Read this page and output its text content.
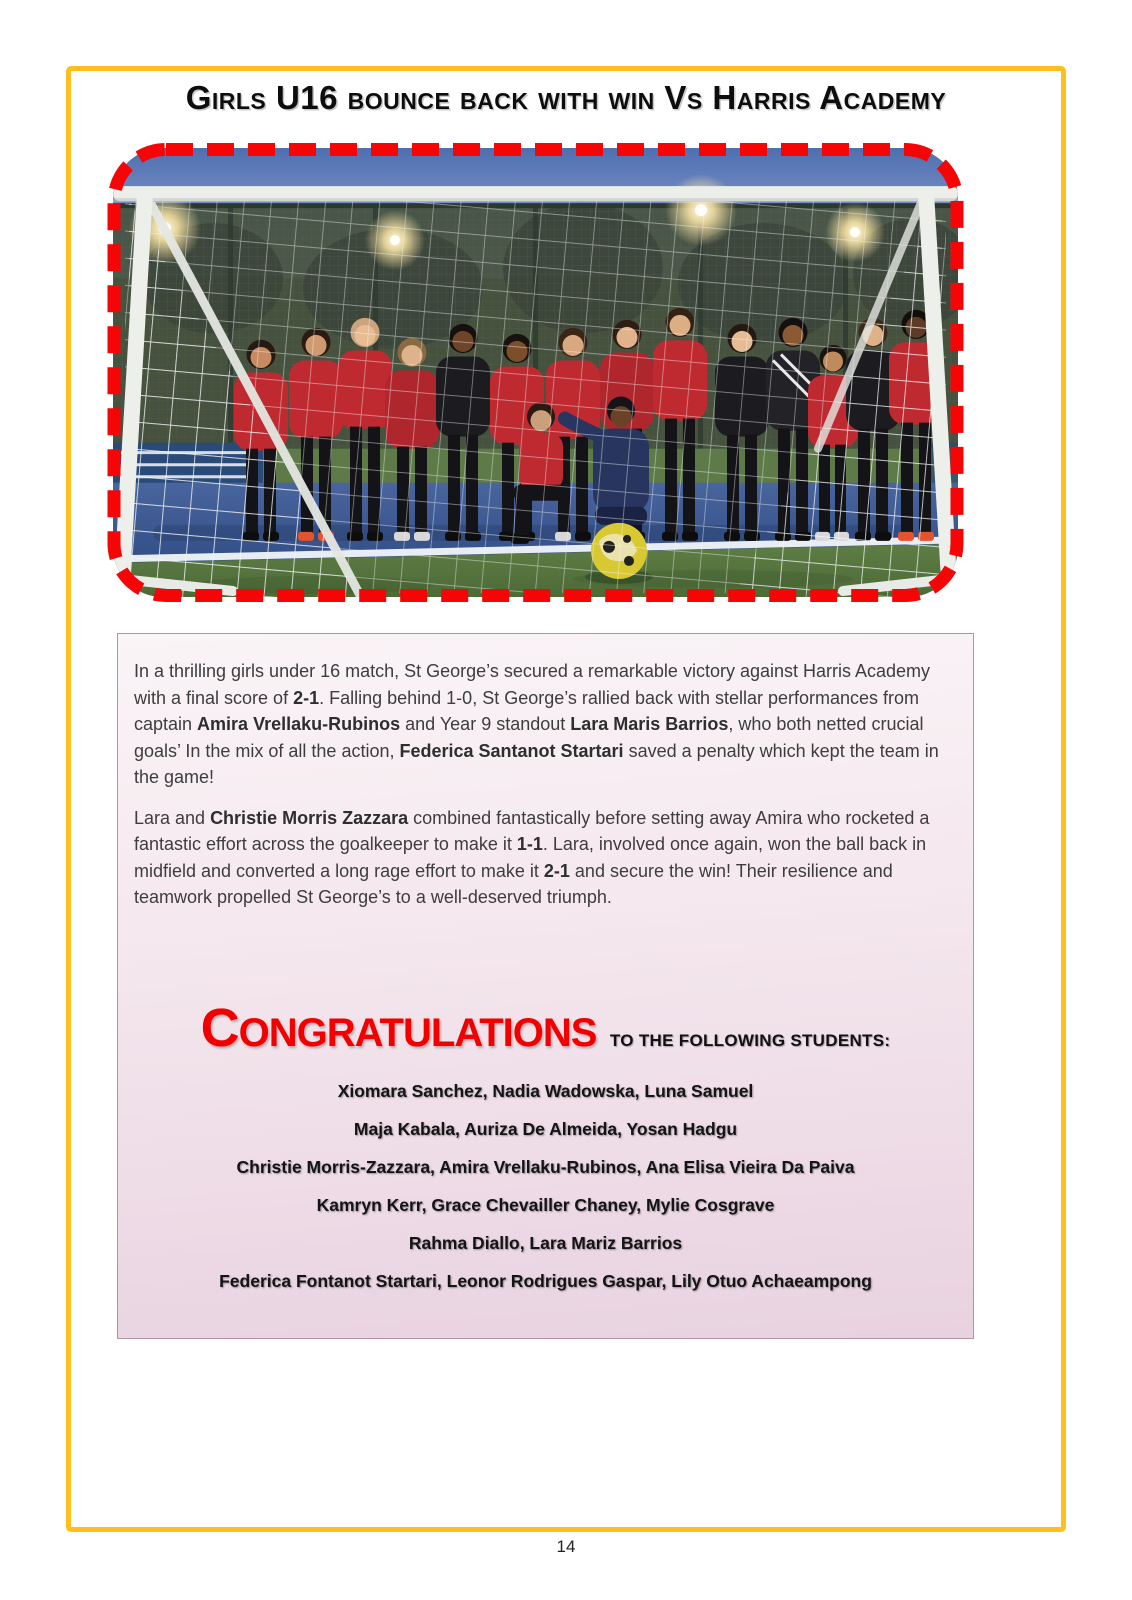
Girls U16 bounce back with win Vs Harris Academy

In a thrilling girls under 16 match, St George’s secured a remarkable victory against Harris Academy with a final score of 2-1. Falling behind 1-0, St George’s rallied back with stellar performances from captain Amira Vrellaku-Rubinos and Year 9 standout Lara Maris Barrios, who both netted crucial goals’ In the mix of all the action, Federica Santanot Startari saved a penalty which kept the team in the game!

Lara and Christie Morris Zazzara combined fantastically before setting away Amira who rocketed a fantastic effort across the goalkeeper to make it 1-1. Lara, involved once again, won the ball back in midfield and converted a long rage effort to make it 2-1 and secure the win! Their resilience and teamwork propelled St George’s to a well-deserved triumph.

CONGRATULATIONS TO THE FOLLOWING STUDENTS:
Xiomara Sanchez, Nadia Wadowska, Luna Samuel
Maja Kabala, Auriza De Almeida, Yosan Hadgu
Christie Morris-Zazzara, Amira Vrellaku-Rubinos, Ana Elisa Vieira Da Paiva
Kamryn Kerr, Grace Chevailler Chaney, Mylie Cosgrave
Rahma Diallo, Lara Mariz Barrios
Federica Fontanot Startari, Leonor Rodrigues Gaspar, Lily Otuo Achaeampong
14
